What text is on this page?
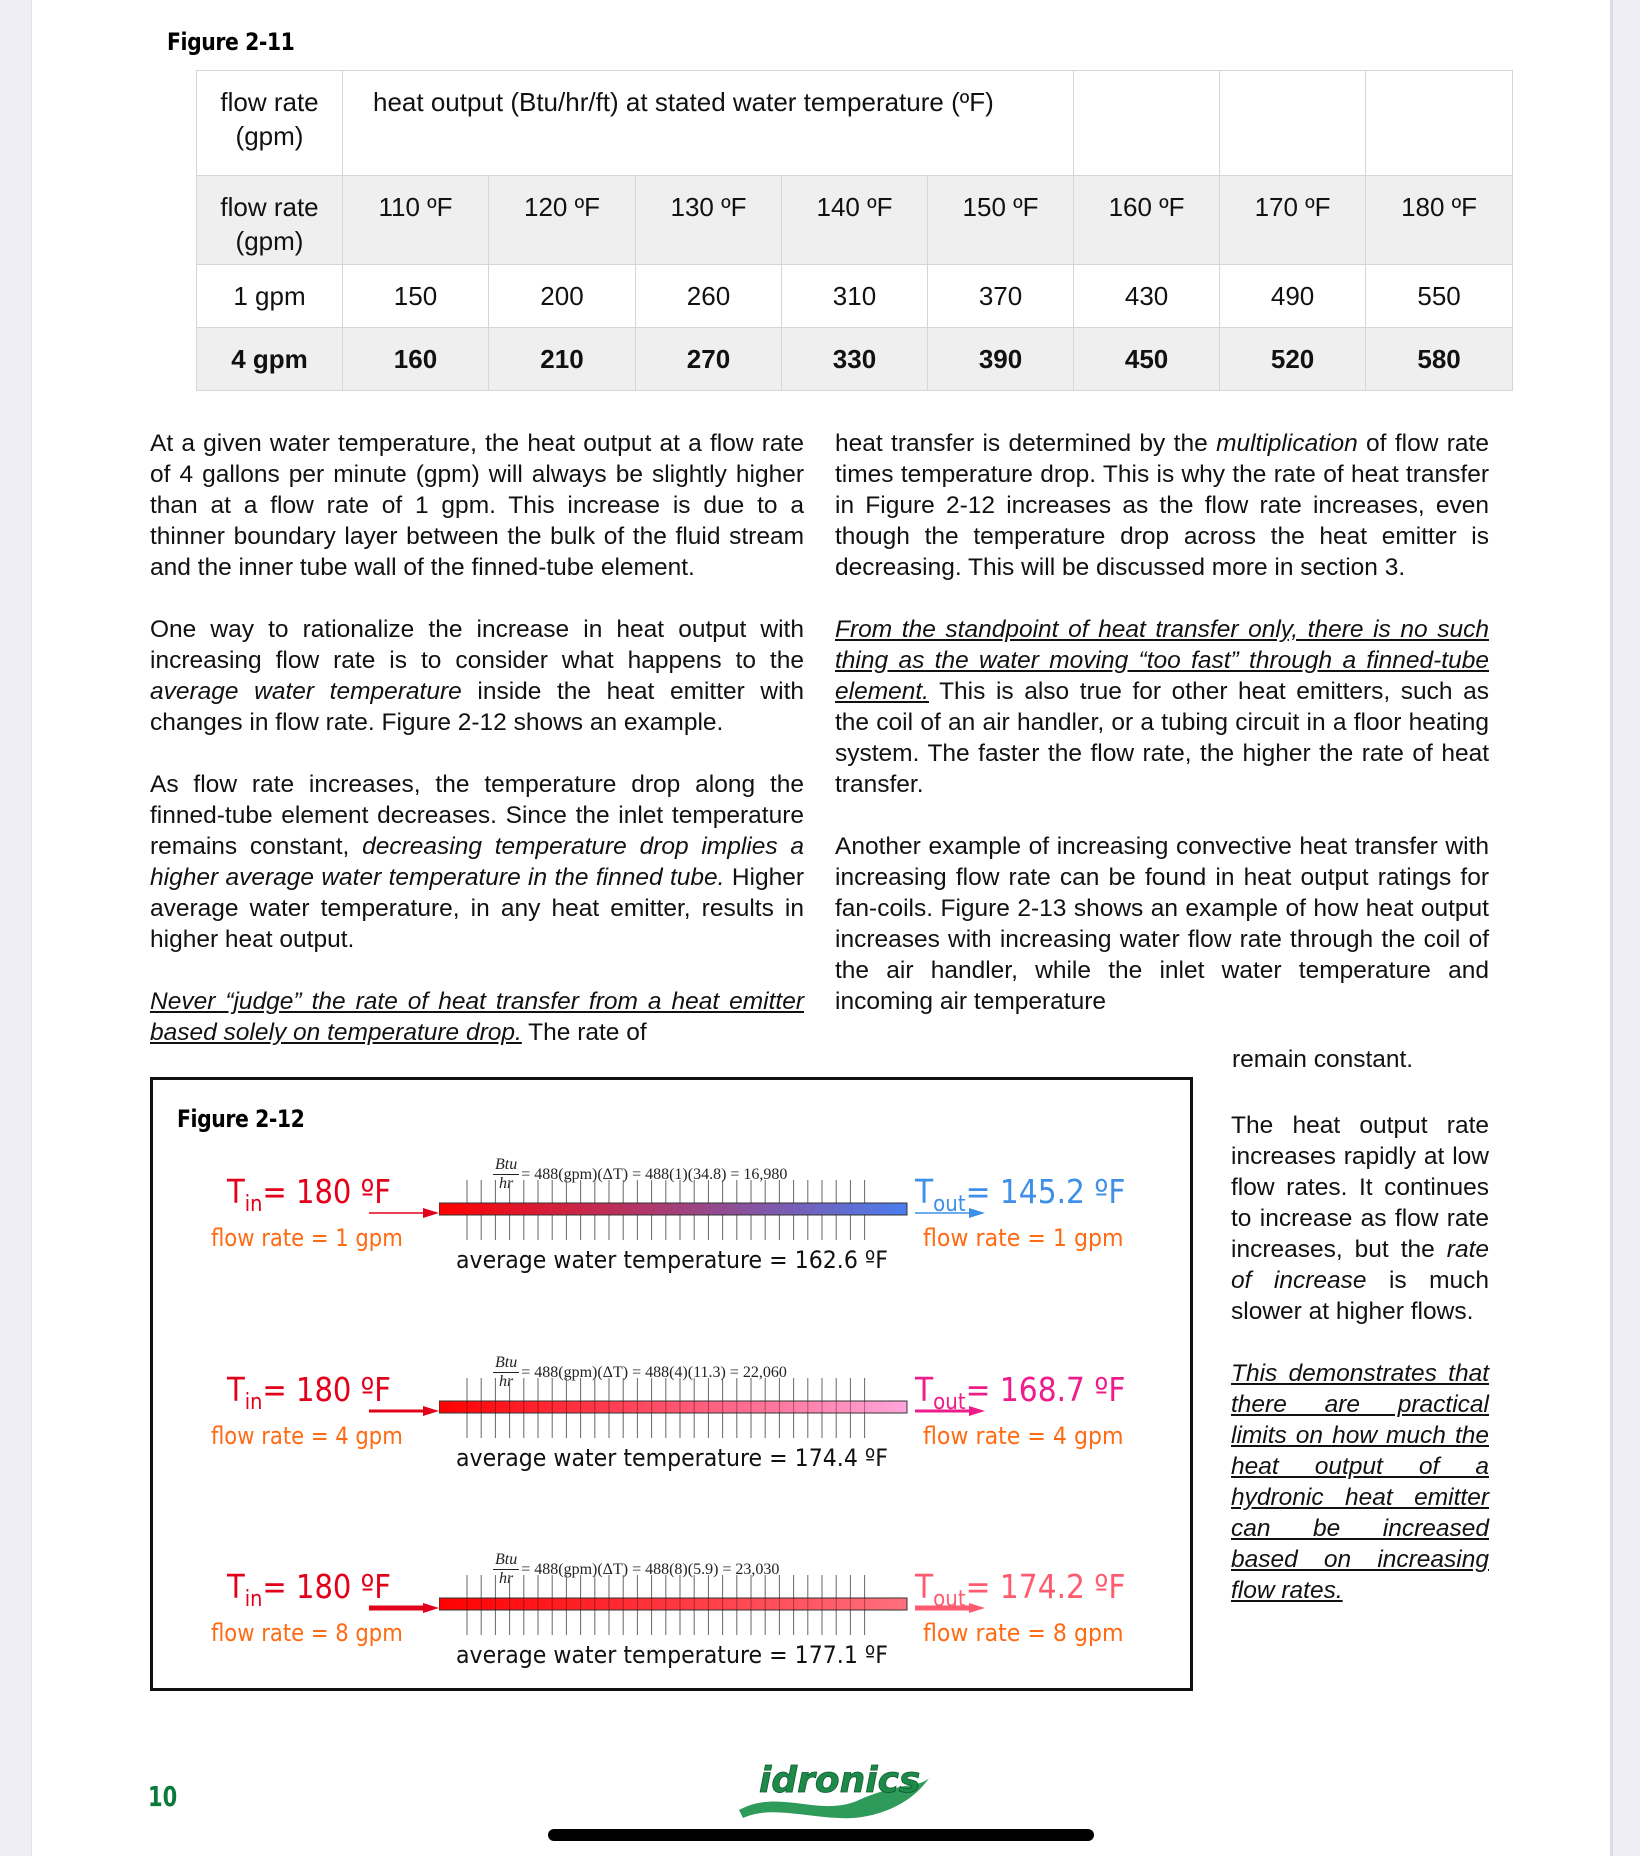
Figure 2-11
flow rate (gpm)	heat output (Btu/hr/ft) at stated water temperature (ºF)							
flow rate (gpm)	110 ºF	120 ºF	130 ºF	140 ºF	150 ºF	160 ºF	170 ºF	180 ºF
1 gpm	150	200	260	310	370	430	490	550
4 gpm	160	210	270	330	390	450	520	580

At a given water temperature, the heat output at a flow rate of 4 gallons per minute (gpm) will always be slightly higher than at a flow rate of 1 gpm. This increase is due to a thinner boundary layer between the bulk of the fluid stream and the inner tube wall of the finned-tube element.

One way to rationalize the increase in heat output with increasing flow rate is to consider what happens to the average water temperature inside the heat emitter with changes in flow rate. Figure 2-12 shows an example.

As flow rate increases, the temperature drop along the finned-tube element decreases. Since the inlet temperature remains constant, decreasing temperature drop implies a higher average water temperature in the finned tube. Higher average water temperature, in any heat emitter, results in higher heat output.

Never “judge” the rate of heat transfer from a heat emitter based solely on temperature drop. The rate of

heat transfer is determined by the multiplication of flow rate times temperature drop. This is why the rate of heat transfer in Figure 2-12 increases as the flow rate increases, even though the temperature drop across the heat emitter is decreasing. This will be discussed more in section 3.

From the standpoint of heat transfer only, there is no such thing as the water moving “too fast” through a finned-tube element. This is also true for other heat emitters, such as the coil of an air handler, or a tubing circuit in a floor heating system. The faster the flow rate, the higher the rate of heat transfer.

Another example of increasing convective heat transfer with increasing flow rate can be found in heat output ratings for fan-coils. Figure 2-13 shows an example of how heat output increases with increasing water flow rate through the coil of the air handler, while the inlet water temperature and incoming air temperature

remain constant.

The heat output rate increases rapidly at low flow rates. It continues to increase as flow rate increases, but the rate of increase is much slower at higher flows.

This demonstrates that there are practical limits on how much the heat output of a hydronic heat emitter can be increased based on increasing flow rates.

Figure 2-12
$T_{in}= 180$ ºF
flow rate = 1 gpm
$\frac{\text{Btu}}{hr} = 488(gpm)(\Delta T) = 488(1)(34.8) = 16,980$
average water temperature = 162.6 ºF
$T_{out}= 145.2$ ºF
flow rate = 1 gpm
$T_{in}= 180$ ºF
flow rate = 4 gpm
$\frac{\text{Btu}}{hr} = 488(gpm)(\Delta T) = 488(4)(11.3) = 22,060$
average water temperature = 174.4 ºF
$T_{out}= 168.7$ ºF
flow rate = 4 gpm
$T_{in}= 180$ ºF
flow rate = 8 gpm
$\frac{\text{Btu}}{hr} = 488(gpm)(\Delta T) = 488(8)(5.9) = 23,030$
average water temperature = 177.1 ºF
$T_{out}= 174.2$ ºF
flow rate = 8 gpm
10	idronics
